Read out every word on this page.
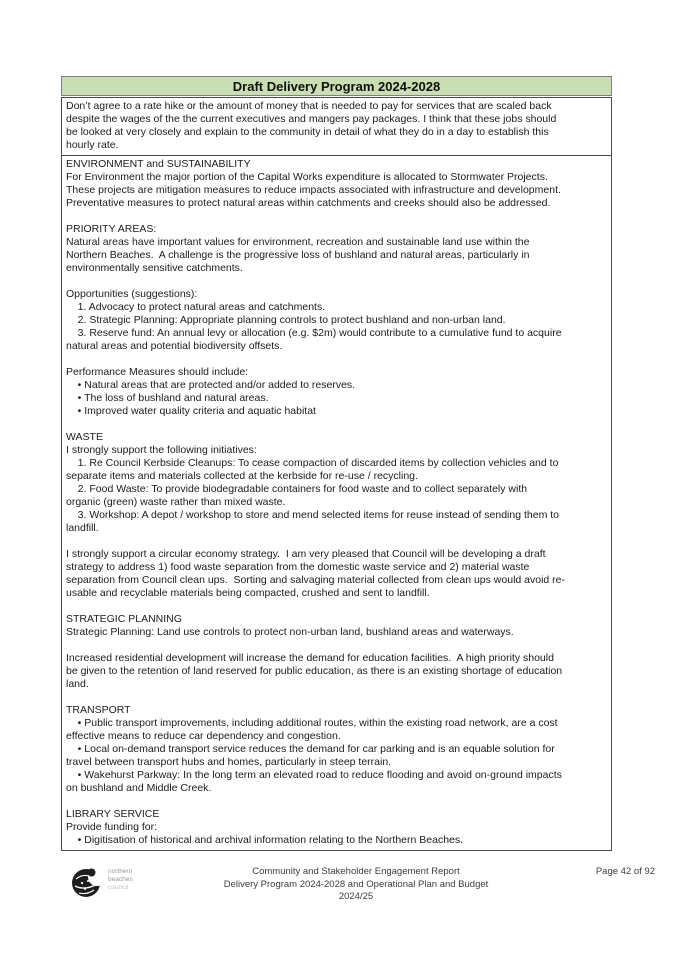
Draft Delivery Program 2024-2028
Don’t agree to a rate hike or the amount of money that is needed to pay for services that are scaled back
despite the wages of the the current executives and mangers pay packages. I think that these jobs should
be looked at very closely and explain to the community in detail of what they do in a day to establish this
hourly rate.
ENVIRONMENT and SUSTAINABILITY
For Environment the major portion of the Capital Works expenditure is allocated to Stormwater Projects.
These projects are mitigation measures to reduce impacts associated with infrastructure and development.
Preventative measures to protect natural areas within catchments and creeks should also be addressed.
PRIORITY AREAS:
Natural areas have important values for environment, recreation and sustainable land use within the
Northern Beaches.  A challenge is the progressive loss of bushland and natural areas, particularly in
environmentally sensitive catchments.
Opportunities (suggestions):
1. Advocacy to protect natural areas and catchments.
2. Strategic Planning: Appropriate planning controls to protect bushland and non-urban land.
3. Reserve fund: An annual levy or allocation (e.g. $2m) would contribute to a cumulative fund to acquire
natural areas and potential biodiversity offsets.
Performance Measures should include:
• Natural areas that are protected and/or added to reserves.
• The loss of bushland and natural areas.
• Improved water quality criteria and aquatic habitat
WASTE
I strongly support the following initiatives:
1. Re Council Kerbside Cleanups: To cease compaction of discarded items by collection vehicles and to
separate items and materials collected at the kerbside for re-use / recycling.
2. Food Waste: To provide biodegradable containers for food waste and to collect separately with
organic (green) waste rather than mixed waste.
3. Workshop: A depot / workshop to store and mend selected items for reuse instead of sending them to
landfill.
I strongly support a circular economy strategy.  I am very pleased that Council will be developing a draft
strategy to address 1) food waste separation from the domestic waste service and 2) material waste
separation from Council clean ups.  Sorting and salvaging material collected from clean ups would avoid re-
usable and recyclable materials being compacted, crushed and sent to landfill.
STRATEGIC PLANNING
Strategic Planning: Land use controls to protect non-urban land, bushland areas and waterways.
Increased residential development will increase the demand for education facilities.  A high priority should
be given to the retention of land reserved for public education, as there is an existing shortage of education
land.
TRANSPORT
• Public transport improvements, including additional routes, within the existing road network, are a cost
effective means to reduce car dependency and congestion.
• Local on-demand transport service reduces the demand for car parking and is an equable solution for
travel between transport hubs and homes, particularly in steep terrain.
• Wakehurst Parkway: In the long term an elevated road to reduce flooding and avoid on-ground impacts
on bushland and Middle Creek.
LIBRARY SERVICE
Provide funding for:
• Digitisation of historical and archival information relating to the Northern Beaches.
northern
beaches
council
Community and Stakeholder Engagement Report
Delivery Program 2024-2028 and Operational Plan and Budget 2024/25
Page 42 of 92
